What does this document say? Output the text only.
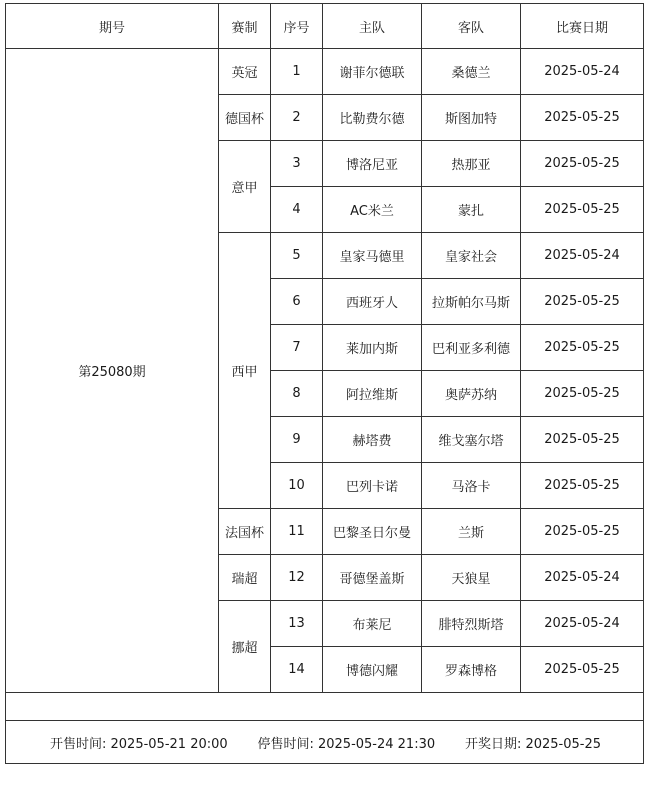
期号	赛制	序号	主队	客队	比赛日期
第25080期	英冠	1	谢菲尔德联	桑德兰	2025-05-24
	德国杯	2	比勒费尔德	斯图加特	2025-05-25
	意甲	3	博洛尼亚	热那亚	2025-05-25
		4	AC米兰	蒙扎	2025-05-25
	西甲	5	皇家马德里	皇家社会	2025-05-24
		6	西班牙人	拉斯帕尔马斯	2025-05-25
		7	莱加内斯	巴利亚多利德	2025-05-25
		8	阿拉维斯	奥萨苏纳	2025-05-25
		9	赫塔费	维戈塞尔塔	2025-05-25
		10	巴列卡诺	马洛卡	2025-05-25
	法国杯	11	巴黎圣日尔曼	兰斯	2025-05-25
	瑞超	12	哥德堡盖斯	天狼星	2025-05-24
	挪超	13	布莱尼	腓特烈斯塔	2025-05-24
		14	博德闪耀	罗森博格	2025-05-25

开售时间: 2025-05-21 20:00 停售时间: 2025-05-24 21:30 开奖日期: 2025-05-25					
